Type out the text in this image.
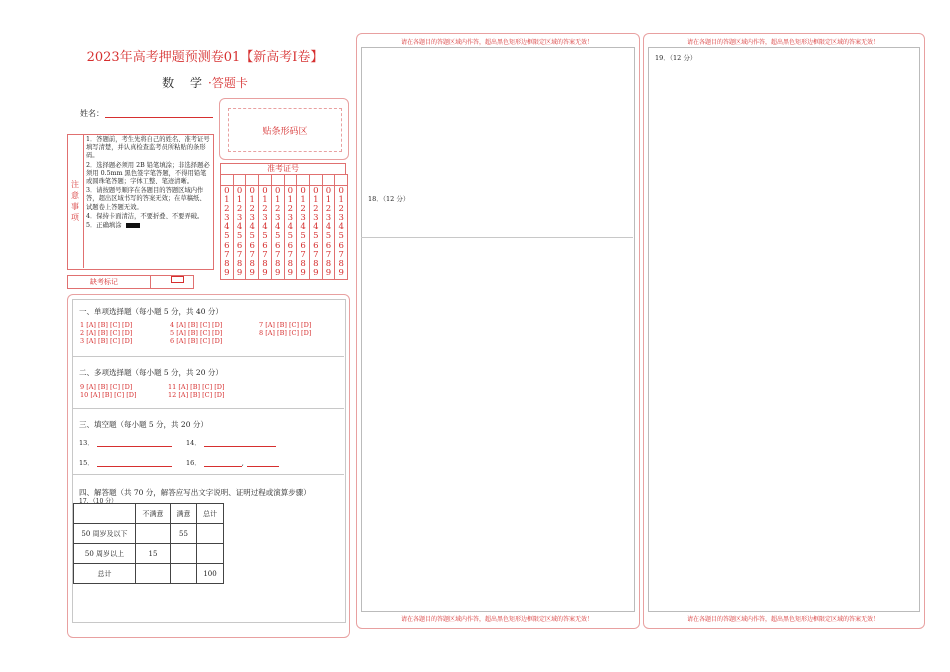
2023年高考押题预测卷01【新高考Ⅰ卷】
数 学·答题卡
姓名：
贴条形码区
注
意
事
项
1．答题前，考生先将自己的姓名、准考证号填写清楚，并认真检查监考员所粘贴的条形码。
2．选择题必须用 2B 铅笔填涂；非选择题必须用 0.5mm 黑色签字笔答题，不得用铅笔或圆珠笔答题；字体工整、笔迹清晰。
3．请按题号顺序在各题目的答题区域内作答，超出区域书写的答案无效；在草稿纸、试题卷上答题无效。
4．保持卡面清洁，不要折叠、不要弄破。
5．正确填涂
准考证号
0
1
2
3
4
5
6
7
8
9
0
1
2
3
4
5
6
7
8
9
0
1
2
3
4
5
6
7
8
9
0
1
2
3
4
5
6
7
8
9
0
1
2
3
4
5
6
7
8
9
0
1
2
3
4
5
6
7
8
9
0
1
2
3
4
5
6
7
8
9
0
1
2
3
4
5
6
7
8
9
0
1
2
3
4
5
6
7
8
9
0
1
2
3
4
5
6
7
8
9
缺考标记
一、单项选择题（每小题 5 分，共 40 分）
1 [A] [B] [C] [D]
2 [A] [B] [C] [D]
3 [A] [B] [C] [D]
4 [A] [B] [C] [D]
5 [A] [B] [C] [D]
6 [A] [B] [C] [D]
7 [A] [B] [C] [D]
8 [A] [B] [C] [D]
二、多项选择题（每小题 5 分，共 20 分）
9 [A] [B] [C] [D]
10 [A] [B] [C] [D]
11 [A] [B] [C] [D]
12 [A] [B] [C] [D]
三、填空题（每小题 5 分，共 20 分）
13．	14．
15．	16．	,
四、解答题（共 70 分，解答应写出文字说明、证明过程或演算步骤）
17．（10 分）
	不满意	满意	总计
50 周岁及以下		55	
50 周岁以上	15		
总计			100
请在各题目的答题区域内作答，超出黑色矩形边框限定区域的答案无效！
18．（12 分）
请在各题目的答题区域内作答，超出黑色矩形边框限定区域的答案无效！
请在各题目的答题区域内作答，超出黑色矩形边框限定区域的答案无效！
19．（12 分）
请在各题目的答题区域内作答，超出黑色矩形边框限定区域的答案无效！
